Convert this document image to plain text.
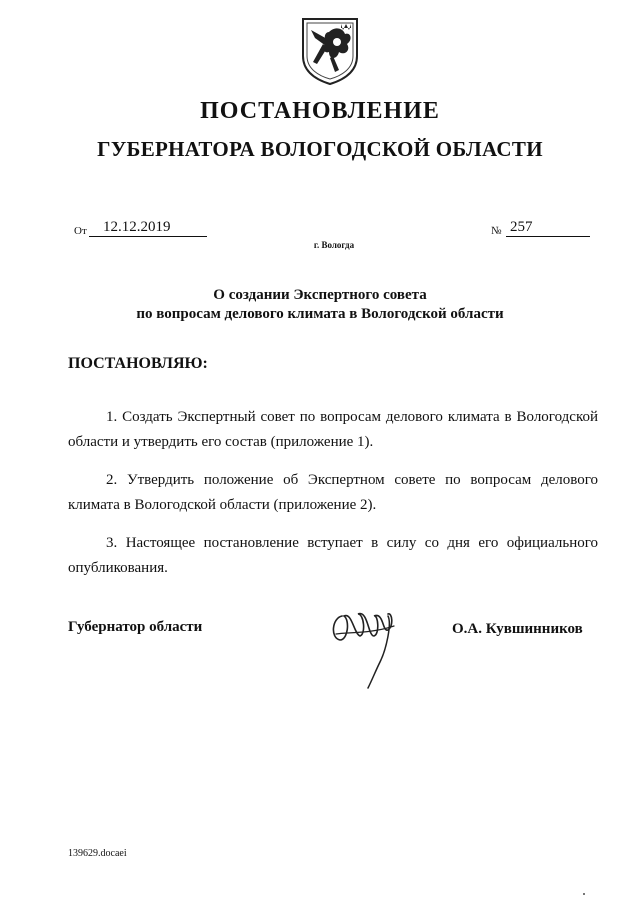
ПОСТАНОВЛЕНИЕ
ГУБЕРНАТОРА ВОЛОГОДСКОЙ ОБЛАСТИ
От	12.12.2019	№ 257
г. Вологда
О создании Экспертного совета
по вопросам делового климата в Вологодской области
ПОСТАНОВЛЯЮ:

1. Создать Экспертный совет по вопросам делового климата в Вологодской области и утвердить его состав (приложение 1).

2. Утвердить положение об Экспертном совете по вопросам делового климата в Вологодской области (приложение 2).

3. Настоящее постановление вступает в силу со дня его официального опубликования.

Губернатор области	О.А. Кувшинников
139629.docaei
